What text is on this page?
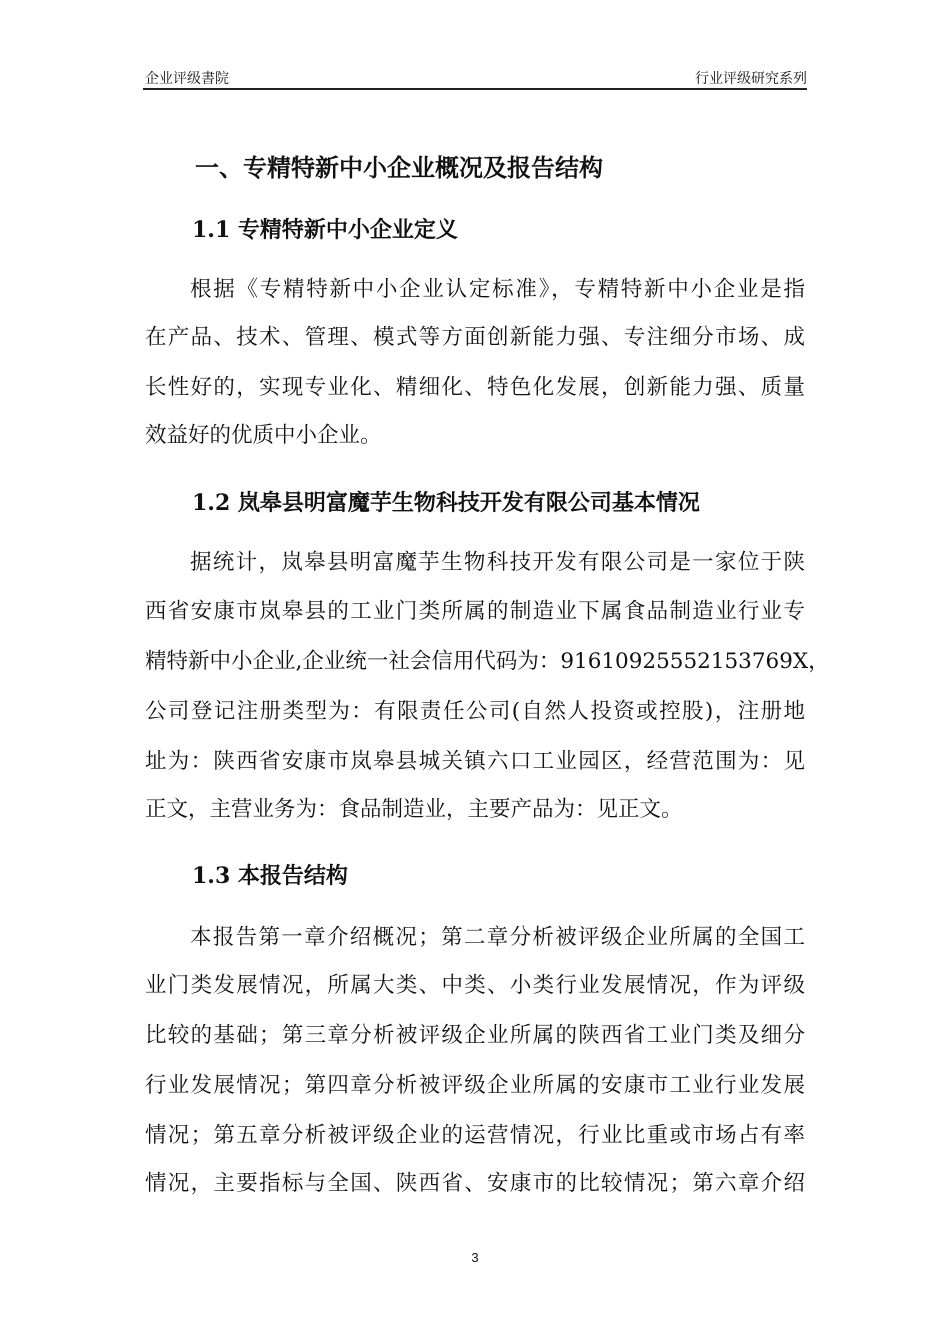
企业评级書院	行业评级研究系列
一、专精特新中小企业概况及报告结构
1.1 专精特新中小企业定义
根据《专精特新中小企业认定标准》，专精特新中小企业是指
在产品、技术、管理、模式等方面创新能力强、专注细分市场、成
长性好的，实现专业化、精细化、特色化发展，创新能力强、质量
效益好的优质中小企业。
1.2 岚皋县明富魔芋生物科技开发有限公司基本情况
据统计，岚皋县明富魔芋生物科技开发有限公司是一家位于陕
西省安康市岚皋县的工业门类所属的制造业下属食品制造业行业专
精特新中小企业,企业统一社会信用代码为：91610925552153769X，
公司登记注册类型为：有限责任公司(自然人投资或控股)，注册地
址为：陕西省安康市岚皋县城关镇六口工业园区，经营范围为：见
正文，主营业务为：食品制造业，主要产品为：见正文。
1.3 本报告结构
本报告第一章介绍概况；第二章分析被评级企业所属的全国工
业门类发展情况，所属大类、中类、小类行业发展情况，作为评级
比较的基础；第三章分析被评级企业所属的陕西省工业门类及细分
行业发展情况；第四章分析被评级企业所属的安康市工业行业发展
情况；第五章分析被评级企业的运营情况，行业比重或市场占有率
情况，主要指标与全国、陕西省、安康市的比较情况；第六章介绍
3
